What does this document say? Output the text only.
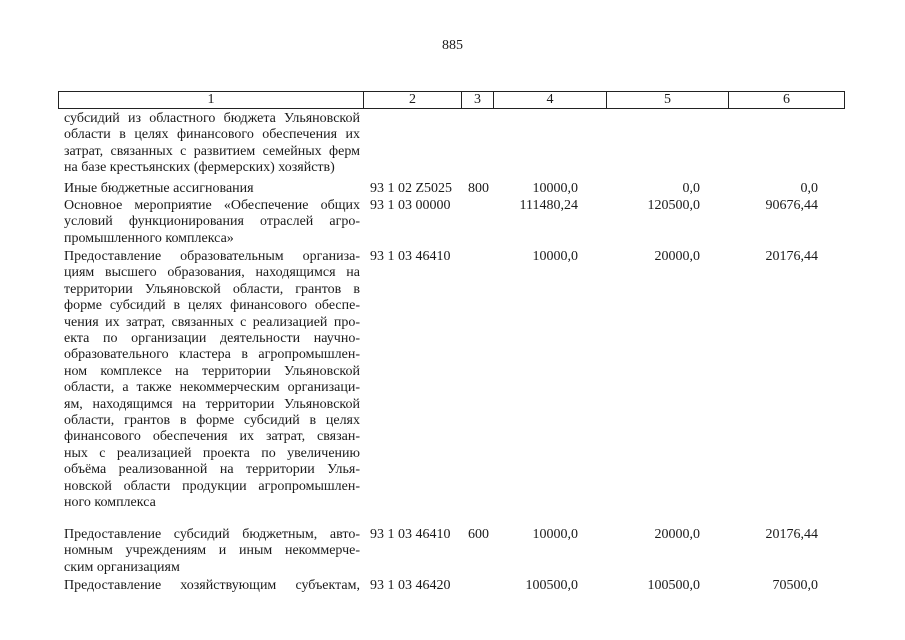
885
1	2	3	4	5	6
субсидий из областного бюджета Ульяновской
области в целях финансового обеспечения их
затрат, связанных с развитием семейных ферм
на базе крестьянских (фермерских) хозяйств)
Иные бюджетные ассигнования	93 1 02 Z5025 800	10000,0	0,0	0,0
Основное мероприятие «Обеспечение общих
условий функционирования отраслей агро-
промышленного комплекса»
93 1 03 00000	111480,24	120500,0	90676,44
Предоставление образовательным организа-
циям высшего образования, находящимся на
территории Ульяновской области, грантов в
форме субсидий в целях финансового обеспе-
чения их затрат, связанных с реализацией про-
екта по организации деятельности научно-
образовательного кластера в агропромышлен-
ном комплексе на территории Ульяновской
области, а также некоммерческим организаци-
ям, находящимся на территории Ульяновской
области, грантов в форме субсидий в целях
финансового обеспечения их затрат, связан-
ных с реализацией проекта по увеличению
объёма реализованной на территории Улья-
новской области продукции агропромышлен-
ного комплекса
93 1 03 46410	10000,0	20000,0	20176,44
Предоставление субсидий бюджетным, авто-
номным учреждениям и иным некоммерче-
ским организациям
93 1 03 46410 600	10000,0	20000,0	20176,44
Предоставление хозяйствующим субъектам, 93 1 03 46420	100500,0	100500,0	70500,0
